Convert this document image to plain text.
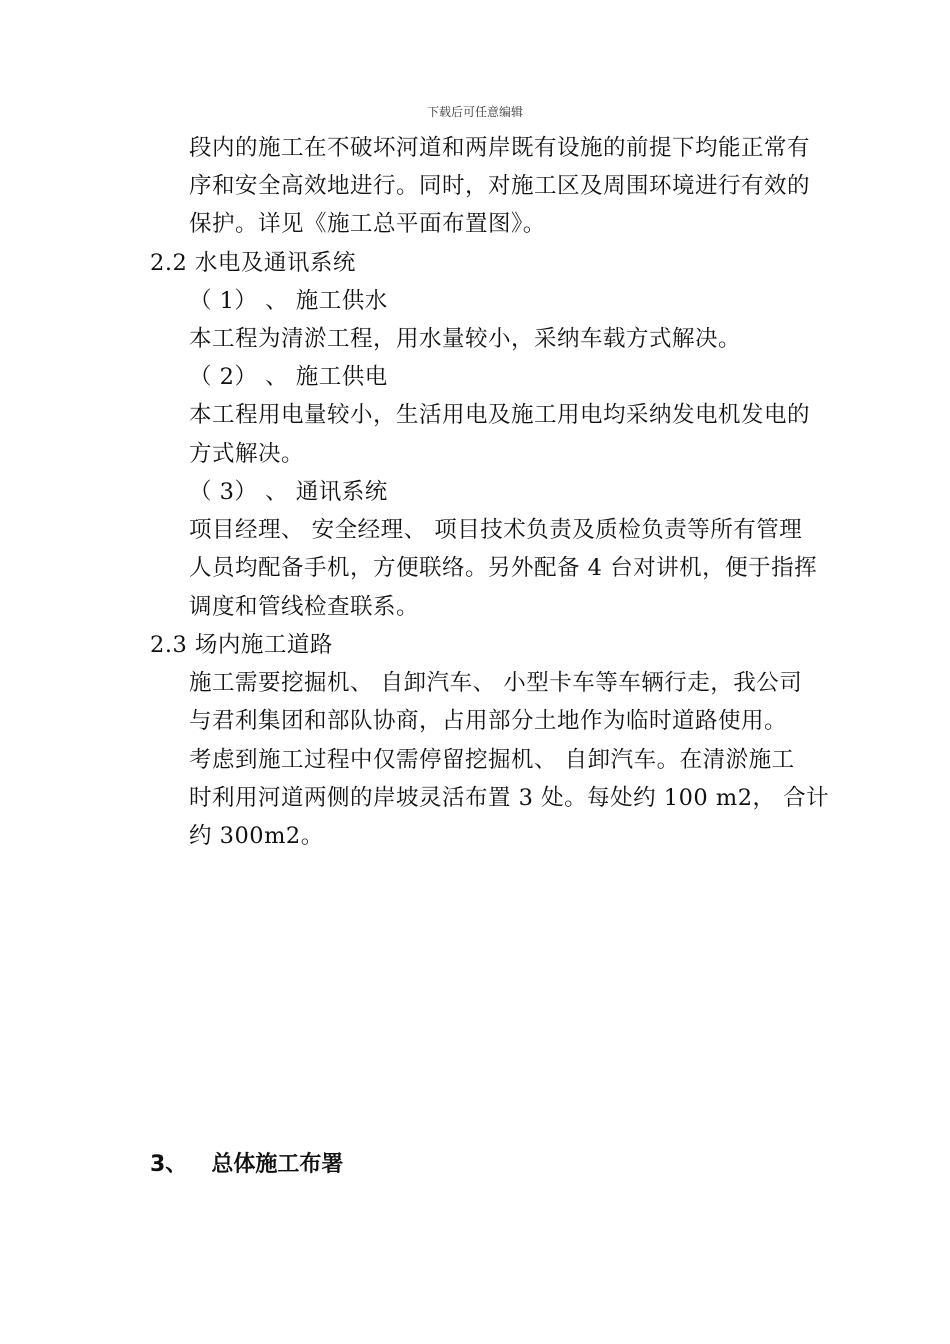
下载后可任意编辑
段内的施工在不破坏河道和两岸既有设施的前提下均能正常有
序和安全高效地进行。同时，对施工区及周围环境进行有效的
保护。详见《施工总平面布置图》。
2.2 水电及通讯系统
（ 1） 、 施工供水
本工程为清淤工程，用水量较小，采纳车载方式解决。
（ 2） 、 施工供电
本工程用电量较小，生活用电及施工用电均采纳发电机发电的
方式解决。
（ 3） 、 通讯系统
项目经理、 安全经理、 项目技术负责及质检负责等所有管理
人员均配备手机，方便联络。另外配备 4 台对讲机，便于指挥
调度和管线检查联系。
2.3 场内施工道路
施工需要挖掘机、 自卸汽车、 小型卡车等车辆行走，我公司
与君利集团和部队协商，占用部分土地作为临时道路使用。
考虑到施工过程中仅需停留挖掘机、 自卸汽车。在清淤施工
时利用河道两侧的岸坡灵活布置 3 处。每处约 100 m2， 合计
约 300m2。
3、 总体施工布署
